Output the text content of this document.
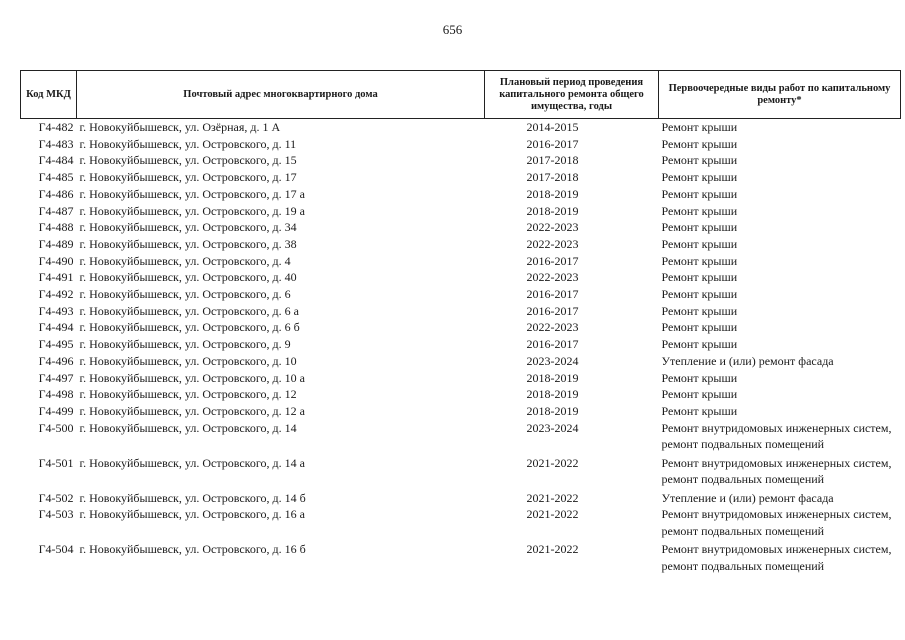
656
Код МКД	Почтовый адрес многоквартирного дома	Плановый период проведения капитального ремонта общего имущества, годы	Первоочередные виды работ по капитальному ремонту*
Г4-482	г. Новокуйбышевск, ул. Озёрная, д. 1 А	2014-2015	Ремонт крыши
Г4-483	г. Новокуйбышевск, ул. Островского, д. 11	2016-2017	Ремонт крыши
Г4-484	г. Новокуйбышевск, ул. Островского, д. 15	2017-2018	Ремонт крыши
Г4-485	г. Новокуйбышевск, ул. Островского, д. 17	2017-2018	Ремонт крыши
Г4-486	г. Новокуйбышевск, ул. Островского, д. 17 а	2018-2019	Ремонт крыши
Г4-487	г. Новокуйбышевск, ул. Островского, д. 19 а	2018-2019	Ремонт крыши
Г4-488	г. Новокуйбышевск, ул. Островского, д. 34	2022-2023	Ремонт крыши
Г4-489	г. Новокуйбышевск, ул. Островского, д. 38	2022-2023	Ремонт крыши
Г4-490	г. Новокуйбышевск, ул. Островского, д. 4	2016-2017	Ремонт крыши
Г4-491	г. Новокуйбышевск, ул. Островского, д. 40	2022-2023	Ремонт крыши
Г4-492	г. Новокуйбышевск, ул. Островского, д. 6	2016-2017	Ремонт крыши
Г4-493	г. Новокуйбышевск, ул. Островского, д. 6 а	2016-2017	Ремонт крыши
Г4-494	г. Новокуйбышевск, ул. Островского, д. 6 б	2022-2023	Ремонт крыши
Г4-495	г. Новокуйбышевск, ул. Островского, д. 9	2016-2017	Ремонт крыши
Г4-496	г. Новокуйбышевск, ул. Островского, д. 10	2023-2024	Утепление и (или) ремонт фасада
Г4-497	г. Новокуйбышевск, ул. Островского, д. 10 а	2018-2019	Ремонт крыши
Г4-498	г. Новокуйбышевск, ул. Островского, д. 12	2018-2019	Ремонт крыши
Г4-499	г. Новокуйбышевск, ул. Островского, д. 12 а	2018-2019	Ремонт крыши
Г4-500	г. Новокуйбышевск, ул. Островского, д. 14	2023-2024	Ремонт внутридомовых инженерных систем, ремонт подвальных помещений
Г4-501	г. Новокуйбышевск, ул. Островского, д. 14 а	2021-2022	Ремонт внутридомовых инженерных систем, ремонт подвальных помещений
Г4-502	г. Новокуйбышевск, ул. Островского, д. 14 б	2021-2022	Утепление и (или) ремонт фасада
Г4-503	г. Новокуйбышевск, ул. Островского, д. 16 а	2021-2022	Ремонт внутридомовых инженерных систем, ремонт подвальных помещений
Г4-504	г. Новокуйбышевск, ул. Островского, д. 16 б	2021-2022	Ремонт внутридомовых инженерных систем, ремонт подвальных помещений
